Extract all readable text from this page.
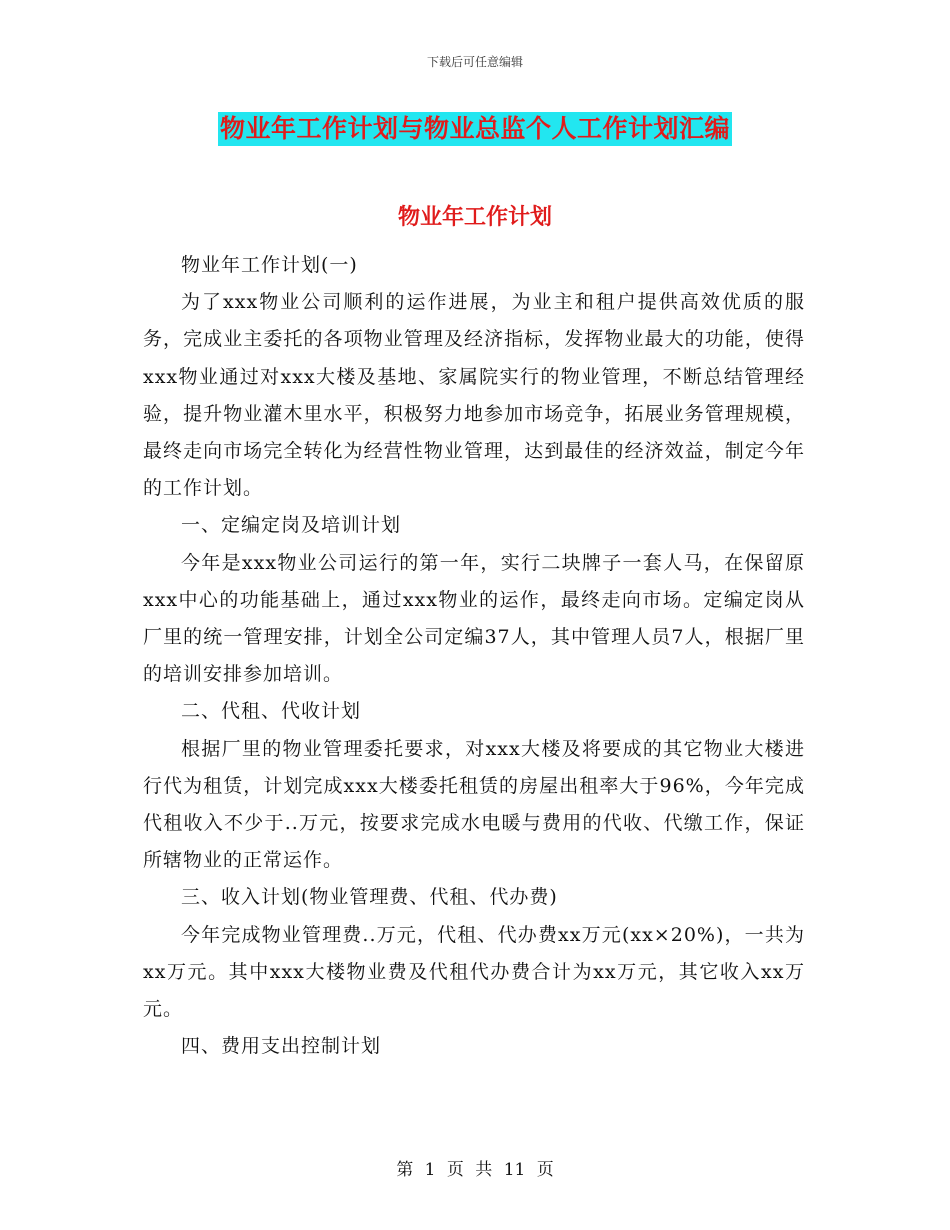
下载后可任意编辑
物业年工作计划与物业总监个人工作计划汇编
物业年工作计划

物业年工作计划(一)

为了xxx物业公司顺利的运作进展，为业主和租户提供高效优质的服务，完成业主委托的各项物业管理及经济指标，发挥物业最大的功能，使得xxx物业通过对xxx大楼及基地、家属院实行的物业管理，不断总结管理经验，提升物业灌木里水平，积极努力地参加市场竞争，拓展业务管理规模，最终走向市场完全转化为经营性物业管理，达到最佳的经济效益，制定今年的工作计划。

一、定编定岗及培训计划

今年是xxx物业公司运行的第一年，实行二块牌子一套人马，在保留原xxx中心的功能基础上，通过xxx物业的运作，最终走向市场。定编定岗从厂里的统一管理安排，计划全公司定编37人，其中管理人员7人，根据厂里的培训安排参加培训。

二、代租、代收计划

根据厂里的物业管理委托要求，对xxx大楼及将要成的其它物业大楼进行代为租赁，计划完成xxx大楼委托租赁的房屋出租率大于96%，今年完成代租收入不少于..万元，按要求完成水电暖与费用的代收、代缴工作，保证所辖物业的正常运作。

三、收入计划(物业管理费、代租、代办费)

今年完成物业管理费..万元，代租、代办费xx万元(xx×20%)，一共为xx万元。其中xxx大楼物业费及代租代办费合计为xx万元，其它收入xx万元。

四、费用支出控制计划

第 1 页 共 11 页
